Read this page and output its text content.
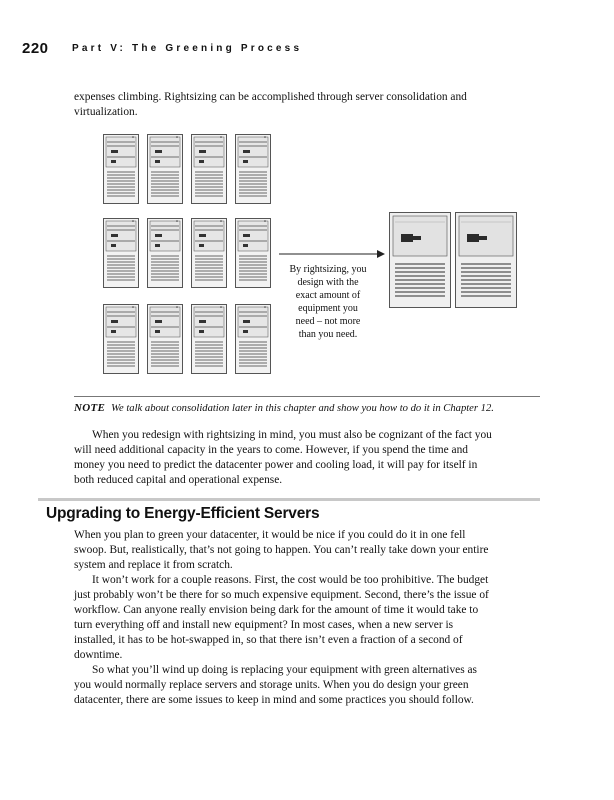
220 Part V: The Greening Process

expenses climbing. Rightsizing can be accomplished through server consolidation and
virtualization.

By rightsizing, you design with the exact amount of equipment you need – not more than you need.
NOTE We talk about consolidation later in this chapter and show you how to do it in Chapter 12.

When you redesign with rightsizing in mind, you must also be cognizant of the fact you
will need additional capacity in the years to come. However, if you spend the time and
money you need to predict the datacenter power and cooling load, it will pay for itself in
both reduced capital and operational expense.

Upgrading to Energy-Efficient Servers

When you plan to green your datacenter, it would be nice if you could do it in one fell
swoop. But, realistically, that’s not going to happen. You can’t really take down your entire
system and replace it from scratch.

It won’t work for a couple reasons. First, the cost would be too prohibitive. The budget
just probably won’t be there for so much expensive equipment. Second, there’s the issue of
workflow. Can anyone really envision being dark for the amount of time it would take to
turn everything off and install new equipment? In most cases, when a new server is
installed, it has to be hot-swapped in, so that there isn’t even a fraction of a second of
downtime.

So what you’ll wind up doing is replacing your equipment with green alternatives as
you would normally replace servers and storage units. When you do design your green
datacenter, there are some issues to keep in mind and some practices you should follow.
